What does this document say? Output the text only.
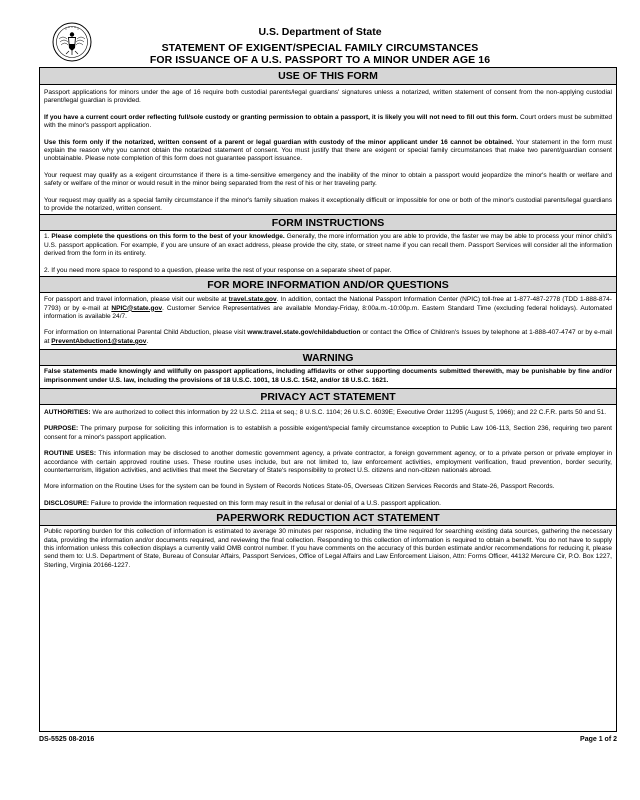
U.S. Department of State
STATEMENT OF EXIGENT/SPECIAL FAMILY CIRCUMSTANCES
FOR ISSUANCE OF A U.S. PASSPORT TO A MINOR UNDER AGE 16
USE OF THIS FORM

Passport applications for minors under the age of 16 require both custodial parents/legal guardians' signatures unless a notarized, written statement of consent from the non-applying custodial parent/legal guardian is provided.

If you have a current court order reflecting full/sole custody or granting permission to obtain a passport, it is likely you will not need to fill out this form. Court orders must be submitted with the minor's passport application.

Use this form only if the notarized, written consent of a parent or legal guardian with custody of the minor applicant under 16 cannot be obtained. Your statement in the form must explain the reason why you cannot obtain the notarized statement of consent. You must justify that there are exigent or special family circumstances that make two parent/guardian consent unobtainable. Please note completion of this form does not guarantee passport issuance.

Your request may qualify as a exigent circumstance if there is a time-sensitive emergency and the inability of the minor to obtain a passport would jeopardize the minor's health or welfare and safety or welfare of the minor or would result in the minor being separated from the rest of his or her traveling party.

Your request may qualify as a special family circumstance if the minor's family situation makes it exceptionally difficult or impossible for one or both of the minor's custodial parents/legal guardians to provide the notarized, written consent.

FORM INSTRUCTIONS

1. Please complete the questions on this form to the best of your knowledge. Generally, the more information you are able to provide, the faster we may be able to process your minor child's U.S. passport application. For example, if you are unsure of an exact address, please provide the city, state, or street name if you can recall them. Passport Services will consider all the information derived from the form in its entirety.

2. If you need more space to respond to a question, please write the rest of your response on a separate sheet of paper.

FOR MORE INFORMATION AND/OR QUESTIONS

For passport and travel information, please visit our website at travel.state.gov. In addition, contact the National Passport Information Center (NPIC) toll-free at 1-877-487-2778 (TDD 1-888-874-7793) or by e-mail at NPIC@state.gov. Customer Service Representatives are available Monday-Friday, 8:00a.m.-10:00p.m. Eastern Standard Time (excluding federal holidays). Automated information is available 24/7.

For information on International Parental Child Abduction, please visit www.travel.state.gov/childabduction or contact the Office of Children's Issues by telephone at 1-888-407-4747 or by e-mail at PreventAbduction1@state.gov.

WARNING

False statements made knowingly and willfully on passport applications, including affidavits or other supporting documents submitted therewith, may be punishable by fine and/or imprisonment under U.S. law, including the provisions of 18 U.S.C. 1001, 18 U.S.C. 1542, and/or 18 U.S.C. 1621.

PRIVACY ACT STATEMENT

AUTHORITIES: We are authorized to collect this information by 22 U.S.C. 211a et seq.; 8 U.S.C. 1104; 26 U.S.C. 6039E; Executive Order 11295 (August 5, 1966); and 22 C.F.R. parts 50 and 51.

PURPOSE: The primary purpose for soliciting this information is to establish a possible exigent/special family circumstance exception to Public Law 106-113, Section 236, requiring two parent consent for a minor's passport application.

ROUTINE USES: This information may be disclosed to another domestic government agency, a private contractor, a foreign government agency, or to a private person or private employer in accordance with certain approved routine uses. These routine uses include, but are not limited to, law enforcement activities, employment verification, fraud prevention, border security, counterterrorism, litigation activities, and activities that meet the Secretary of State's responsibility to protect U.S. citizens and non-citizen nationals abroad.

More information on the Routine Uses for the system can be found in System of Records Notices State-05, Overseas Citizen Services Records and State-26, Passport Records.

DISCLOSURE: Failure to provide the information requested on this form may result in the refusal or denial of a U.S. passport application.

PAPERWORK REDUCTION ACT STATEMENT

Public reporting burden for this collection of information is estimated to average 30 minutes per response, including the time required for searching existing data sources, gathering the necessary data, providing the information and/or documents required, and reviewing the final collection. Responding to this collection of information is required to obtain a benefit. You do not have to supply this information unless this collection displays a currently valid OMB control number. If you have comments on the accuracy of this burden estimate and/or recommendations for reducing it, please send them to: U.S. Department of State, Bureau of Consular Affairs, Passport Services, Office of Legal Affairs and Law Enforcement Liaison, Attn: Forms Officer, 44132 Mercure Cir, P.O. Box 1227, Sterling, Virginia 20166-1227.

DS-5525 08-2016	Page 1 of 2
